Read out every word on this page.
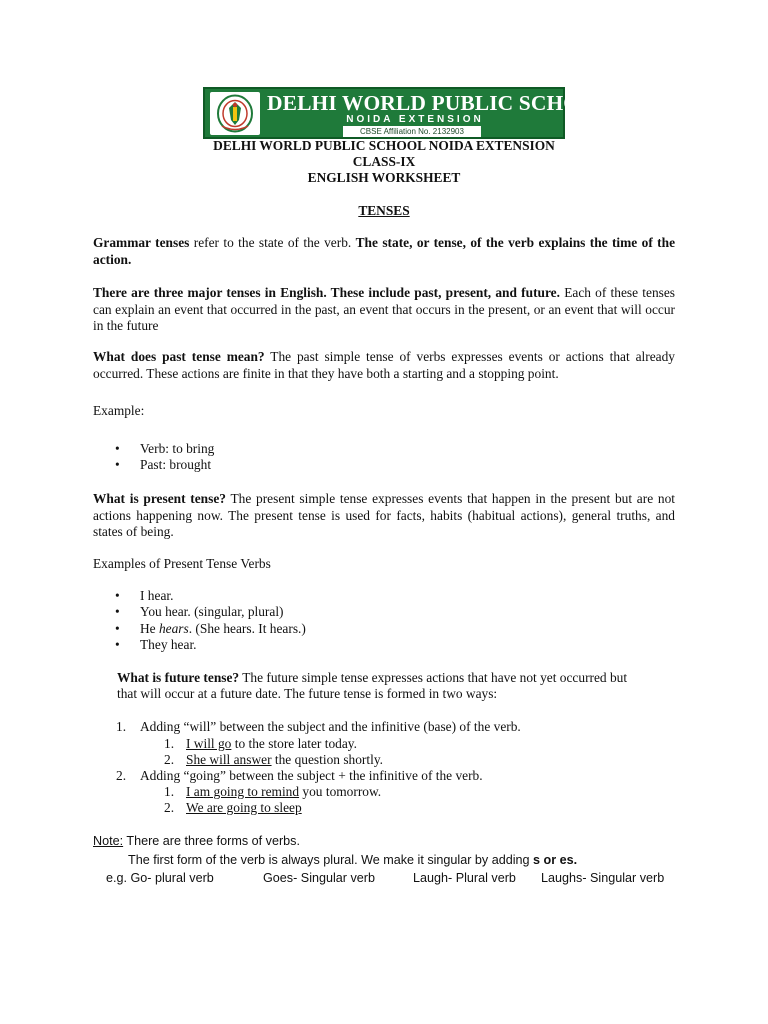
DELHI WORLD PUBLIC SCHOOL
NOIDA EXTENSION
CBSE Affiliation No. 2132903
DELHI WORLD PUBLIC SCHOOL NOIDA EXTENSION
CLASS-IX
ENGLISH WORKSHEET
TENSES
Grammar tenses refer to the state of the verb. The state, or tense, of the verb explains the time of the action.
There are three major tenses in English. These include past, present, and future. Each of these tenses can explain an event that occurred in the past, an event that occurs in the present, or an event that will occur in the future
What does past tense mean? The past simple tense of verbs expresses events or actions that already occurred. These actions are finite in that they have both a starting and a stopping point.
Example:
• Verb: to bring
• Past: brought
What is present tense? The present simple tense expresses events that happen in the present but are not actions happening now. The present tense is used for facts, habits (habitual actions), general truths, and states of being.
Examples of Present Tense Verbs
• I hear.
• You hear. (singular, plural)
• He hears. (She hears. It hears.)
• They hear.
What is future tense? The future simple tense expresses actions that have not yet occurred but
that will occur at a future date. The future tense is formed in two ways:
1. Adding “will” between the subject and the infinitive (base) of the verb.
1. I will go to the store later today.
2. She will answer the question shortly.
2. Adding “going” between the subject + the infinitive of the verb.
1. I am going to remind you tomorrow.
2. We are going to sleep
Note: There are three forms of verbs.
The first form of the verb is always plural. We make it singular by adding s or es.
e.g. Go- plural verb	Goes- Singular verb	Laugh- Plural verb Laughs- Singular verb
